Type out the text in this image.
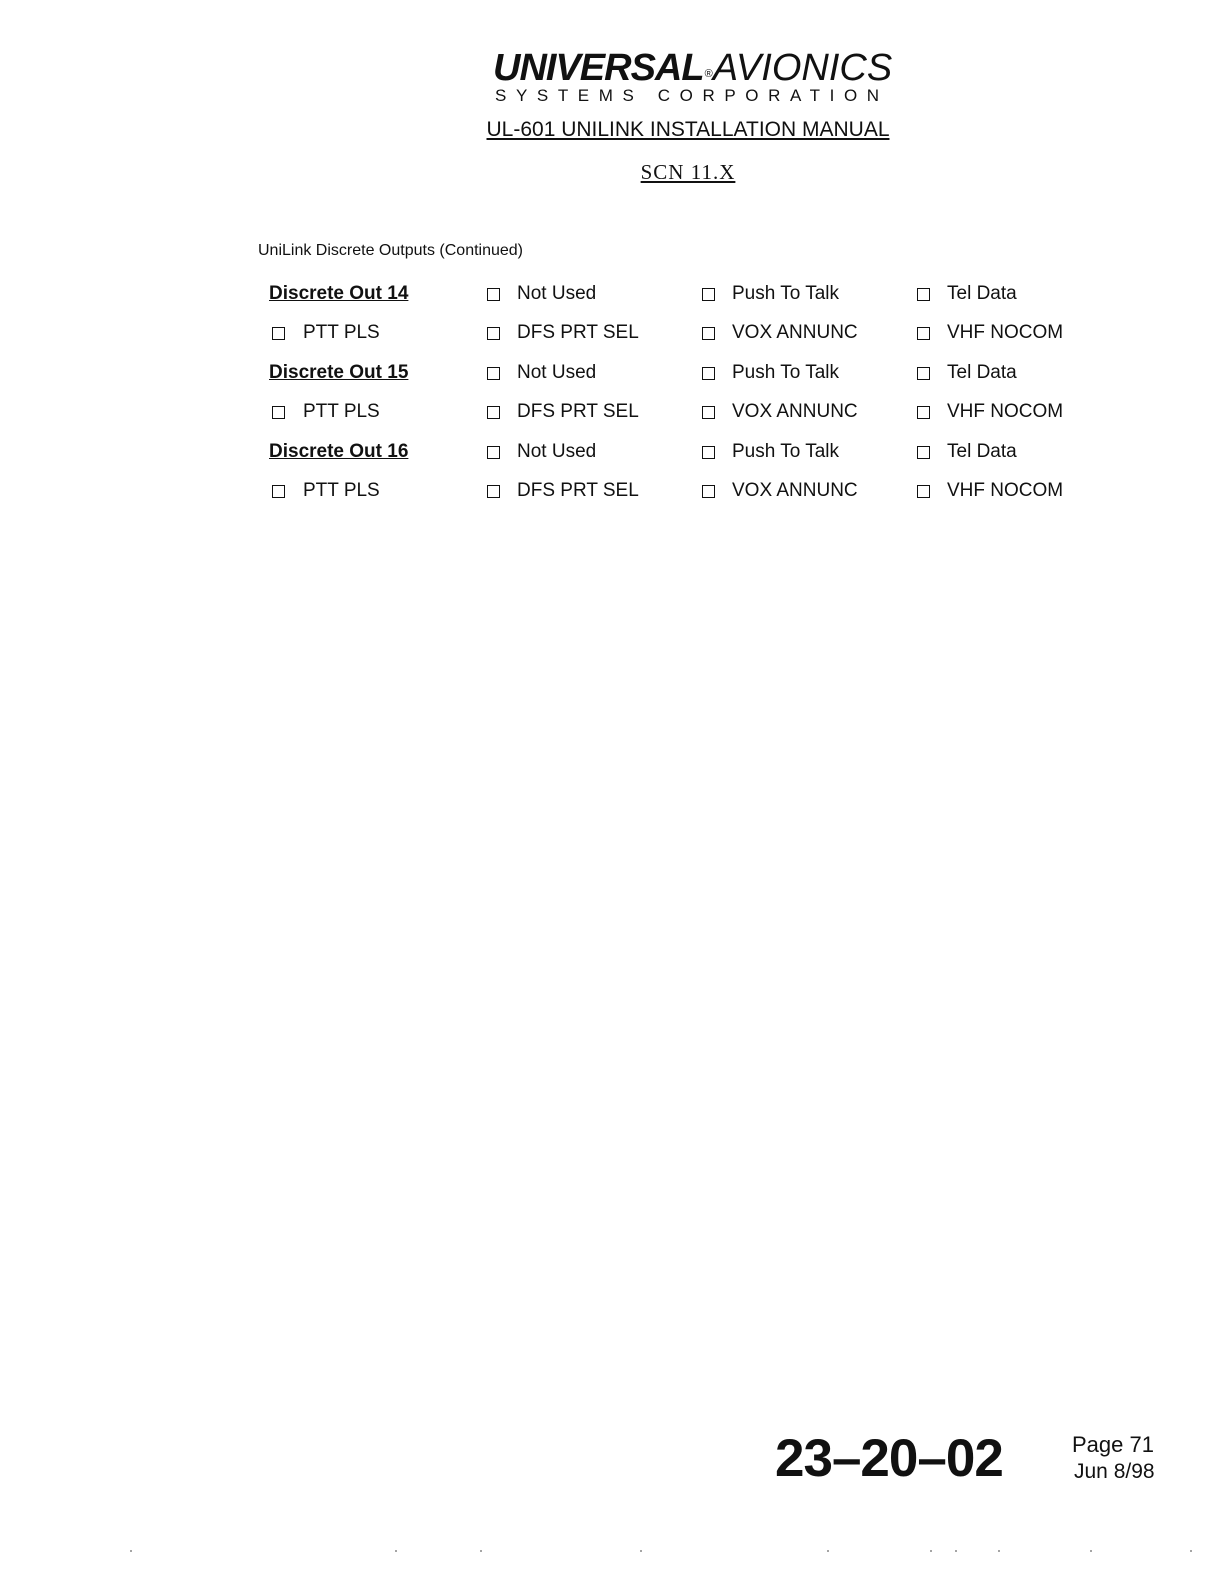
UNIVERSAL®AVIONICS
SYSTEMS CORPORATION
UL-601 UNILINK INSTALLATION MANUAL
SCN 11.X
UniLink Discrete Outputs (Continued)
Discrete Out 14	Not Used	Push To Talk	Tel Data
PTT PLS	DFS PRT SEL	VOX ANNUNC	VHF NOCOM
Discrete Out 15	Not Used	Push To Talk	Tel Data
PTT PLS	DFS PRT SEL	VOX ANNUNC	VHF NOCOM
Discrete Out 16	Not Used	Push To Talk	Tel Data
PTT PLS	DFS PRT SEL	VOX ANNUNC	VHF NOCOM
23–20–02	Page 71
Jun 8/98
